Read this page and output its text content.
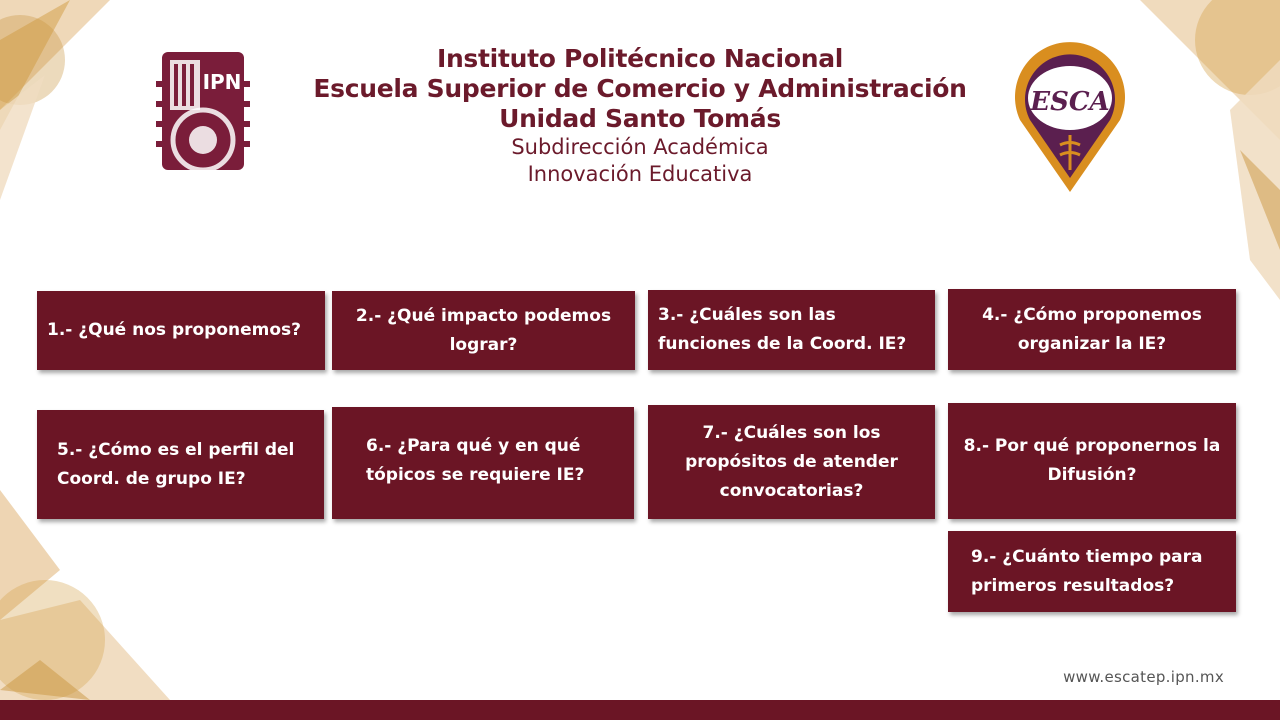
IPN
Instituto Politécnico Nacional
Escuela Superior de Comercio y Administración
Unidad Santo Tomás
Subdirección Académica
Innovación Educativa
ESCA
1.- ¿Qué nos proponemos?
2.- ¿Qué impacto podemos lograr?
3.- ¿Cuáles son las funciones de la Coord. IE?
4.- ¿Cómo proponemos organizar la IE?
5.- ¿Cómo es el perfil del Coord. de grupo IE?
6.- ¿Para qué y en qué tópicos se requiere IE?
7.- ¿Cuáles son los propósitos de atender convocatorias?
8.- Por qué proponernos la Difusión?
9.- ¿Cuánto tiempo para primeros resultados?
www.escatep.ipn.mx
